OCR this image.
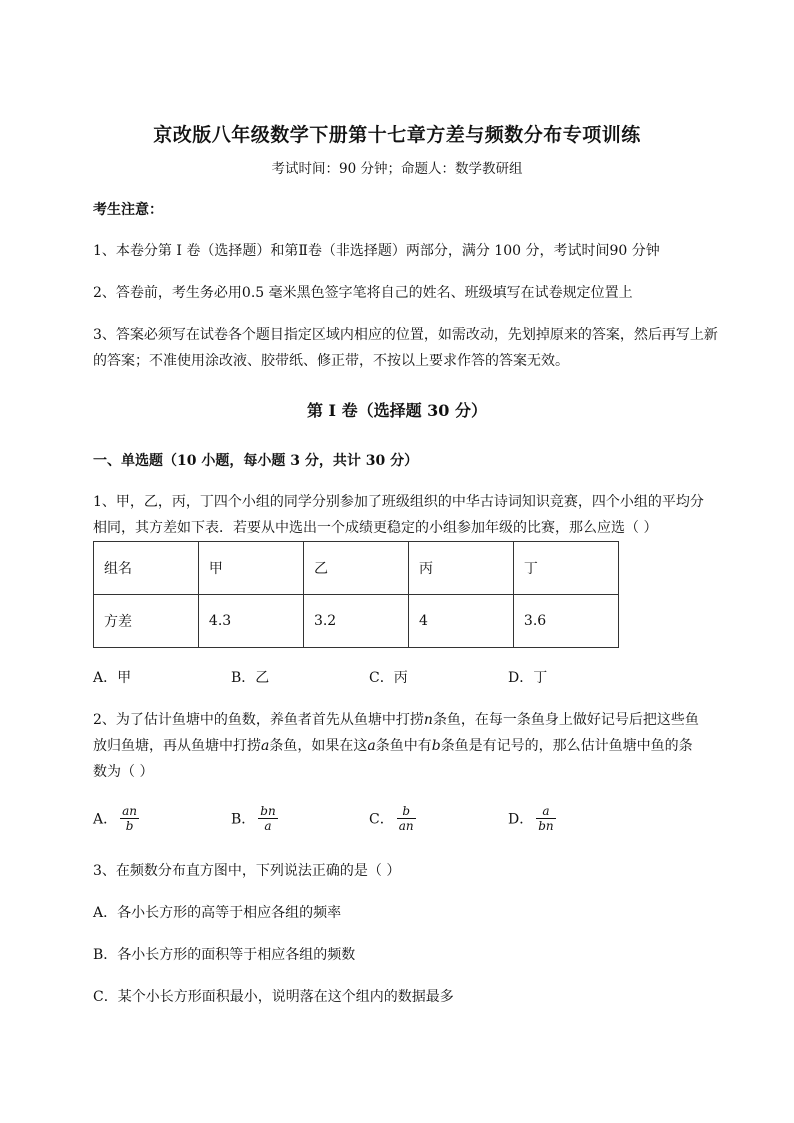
京改版八年级数学下册第十七章方差与频数分布专项训练
考试时间：90 分钟；命题人：数学教研组
考生注意：
1、本卷分第 I 卷（选择题）和第Ⅱ卷（非选择题）两部分，满分 100 分，考试时间90 分钟
2、答卷前，考生务必用0.5 毫米黑色签字笔将自己的姓名、班级填写在试卷规定位置上
3、答案必须写在试卷各个题目指定区域内相应的位置，如需改动，先划掉原来的答案，然后再写上新
的答案；不准使用涂改液、胶带纸、修正带，不按以上要求作答的答案无效。
第 I 卷（选择题 30 分）
一、单选题（10 小题，每小题 3 分，共计 30 分）
1、甲，乙，丙，丁四个小组的同学分别参加了班级组织的中华古诗词知识竞赛，四个小组的平均分
相同，其方差如下表．若要从中选出一个成绩更稳定的小组参加年级的比赛，那么应选（ ）
组名	甲	乙	丙	丁
方差	4.3	3.2	4	3.6
A．甲	B．乙	C．丙	D．丁
2、为了估计鱼塘中的鱼数，养鱼者首先从鱼塘中打捞n条鱼，在每一条鱼身上做好记号后把这些鱼
放归鱼塘，再从鱼塘中打捞a条鱼，如果在这a条鱼中有b条鱼是有记号的，那么估计鱼塘中鱼的条
数为（ ）
A． $\frac{an}{b}$	B． $\frac{bn}{a}$	C． $\frac{b}{an}$	D． $\frac{a}{bn}$
3、在频数分布直方图中，下列说法正确的是（ ）
A．各小长方形的高等于相应各组的频率
B．各小长方形的面积等于相应各组的频数
C．某个小长方形面积最小，说明落在这个组内的数据最多
